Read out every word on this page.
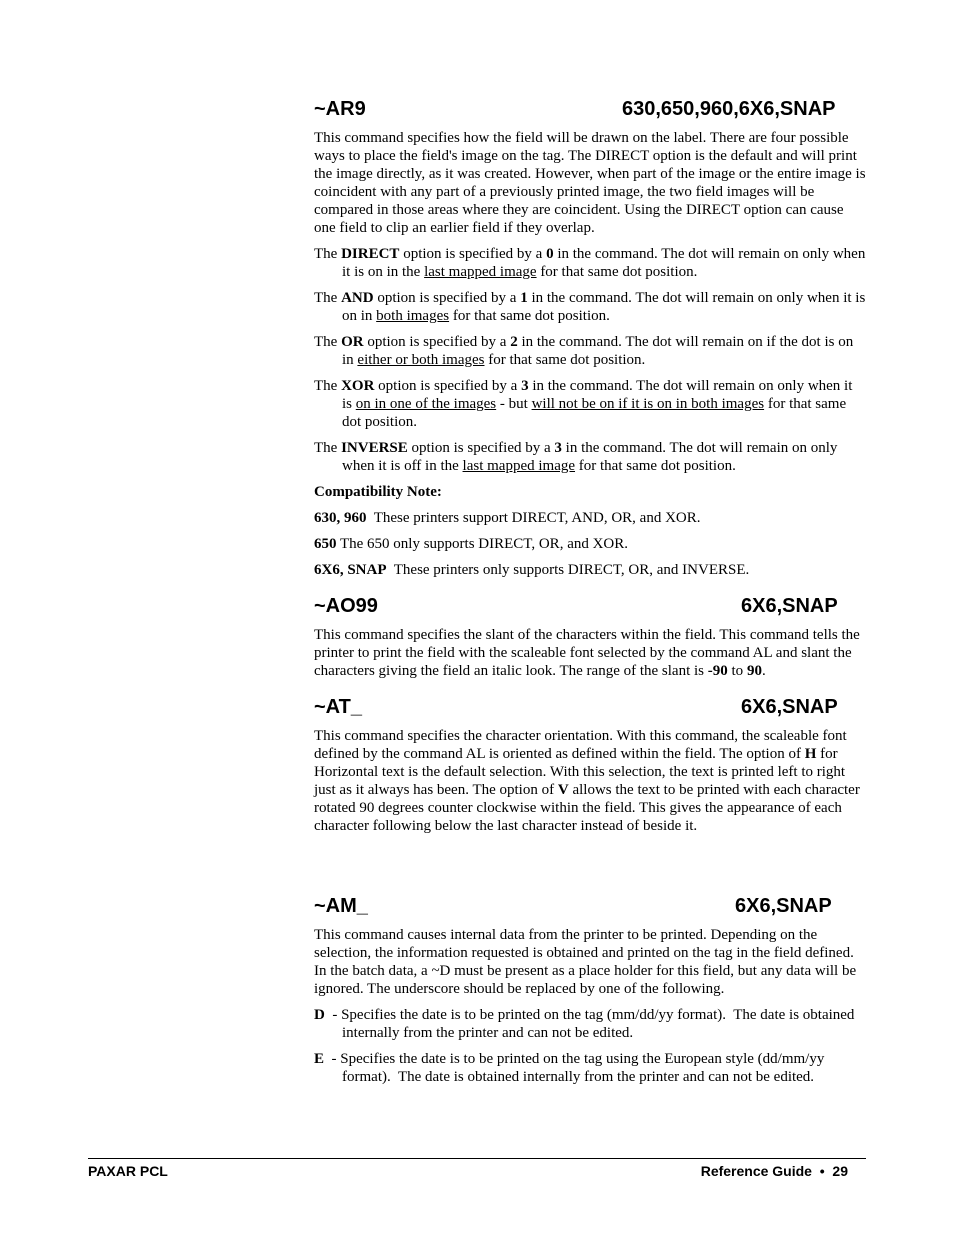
~AR9	630,650,960,6X6,SNAP

This command specifies how the field will be drawn on the label. There are four possible ways to place the field's image on the tag. The DIRECT option is the default and will print the image directly, as it was created. However, when part of the image or the entire image is coincident with any part of a previously printed image, the two field images will be compared in those areas where they are coincident. Using the DIRECT option can cause one field to clip an earlier field if they overlap.

The DIRECT option is specified by a 0 in the command. The dot will remain on only when it is on in the last mapped image for that same dot position.

The AND option is specified by a 1 in the command. The dot will remain on only when it is on in both images for that same dot position.

The OR option is specified by a 2 in the command. The dot will remain on if the dot is on in either or both images for that same dot position.

The XOR option is specified by a 3 in the command. The dot will remain on only when it is on in one of the images - but will not be on if it is on in both images for that same dot position.

The INVERSE option is specified by a 3 in the command. The dot will remain on only when it is off in the last mapped image for that same dot position.

Compatibility Note:

630, 960  These printers support DIRECT, AND, OR, and XOR.

650 The 650 only supports DIRECT, OR, and XOR.

6X6, SNAP  These printers only supports DIRECT, OR, and INVERSE.

~AO99	6X6,SNAP

This command specifies the slant of the characters within the field. This command tells the printer to print the field with the scaleable font selected by the command AL and slant the characters giving the field an italic look. The range of the slant is -90 to 90.

~AT_	6X6,SNAP

This command specifies the character orientation. With this command, the scaleable font defined by the command AL is oriented as defined within the field. The option of H for Horizontal text is the default selection. With this selection, the text is printed left to right just as it always has been. The option of V allows the text to be printed with each character rotated 90 degrees counter clockwise within the field. This gives the appearance of each character following below the last character instead of beside it.

~AM_	6X6,SNAP

This command causes internal data from the printer to be printed. Depending on the selection, the information requested is obtained and printed on the tag in the field defined. In the batch data, a ~D must be present as a place holder for this field, but any data will be ignored. The underscore should be replaced by one of the following.

D  - Specifies the date is to be printed on the tag (mm/dd/yy format).  The date is obtained internally from the printer and can not be edited.

E  - Specifies the date is to be printed on the tag using the European style (dd/mm/yy format).  The date is obtained internally from the printer and can not be edited.

PAXAR PCL	Reference Guide  •  29
